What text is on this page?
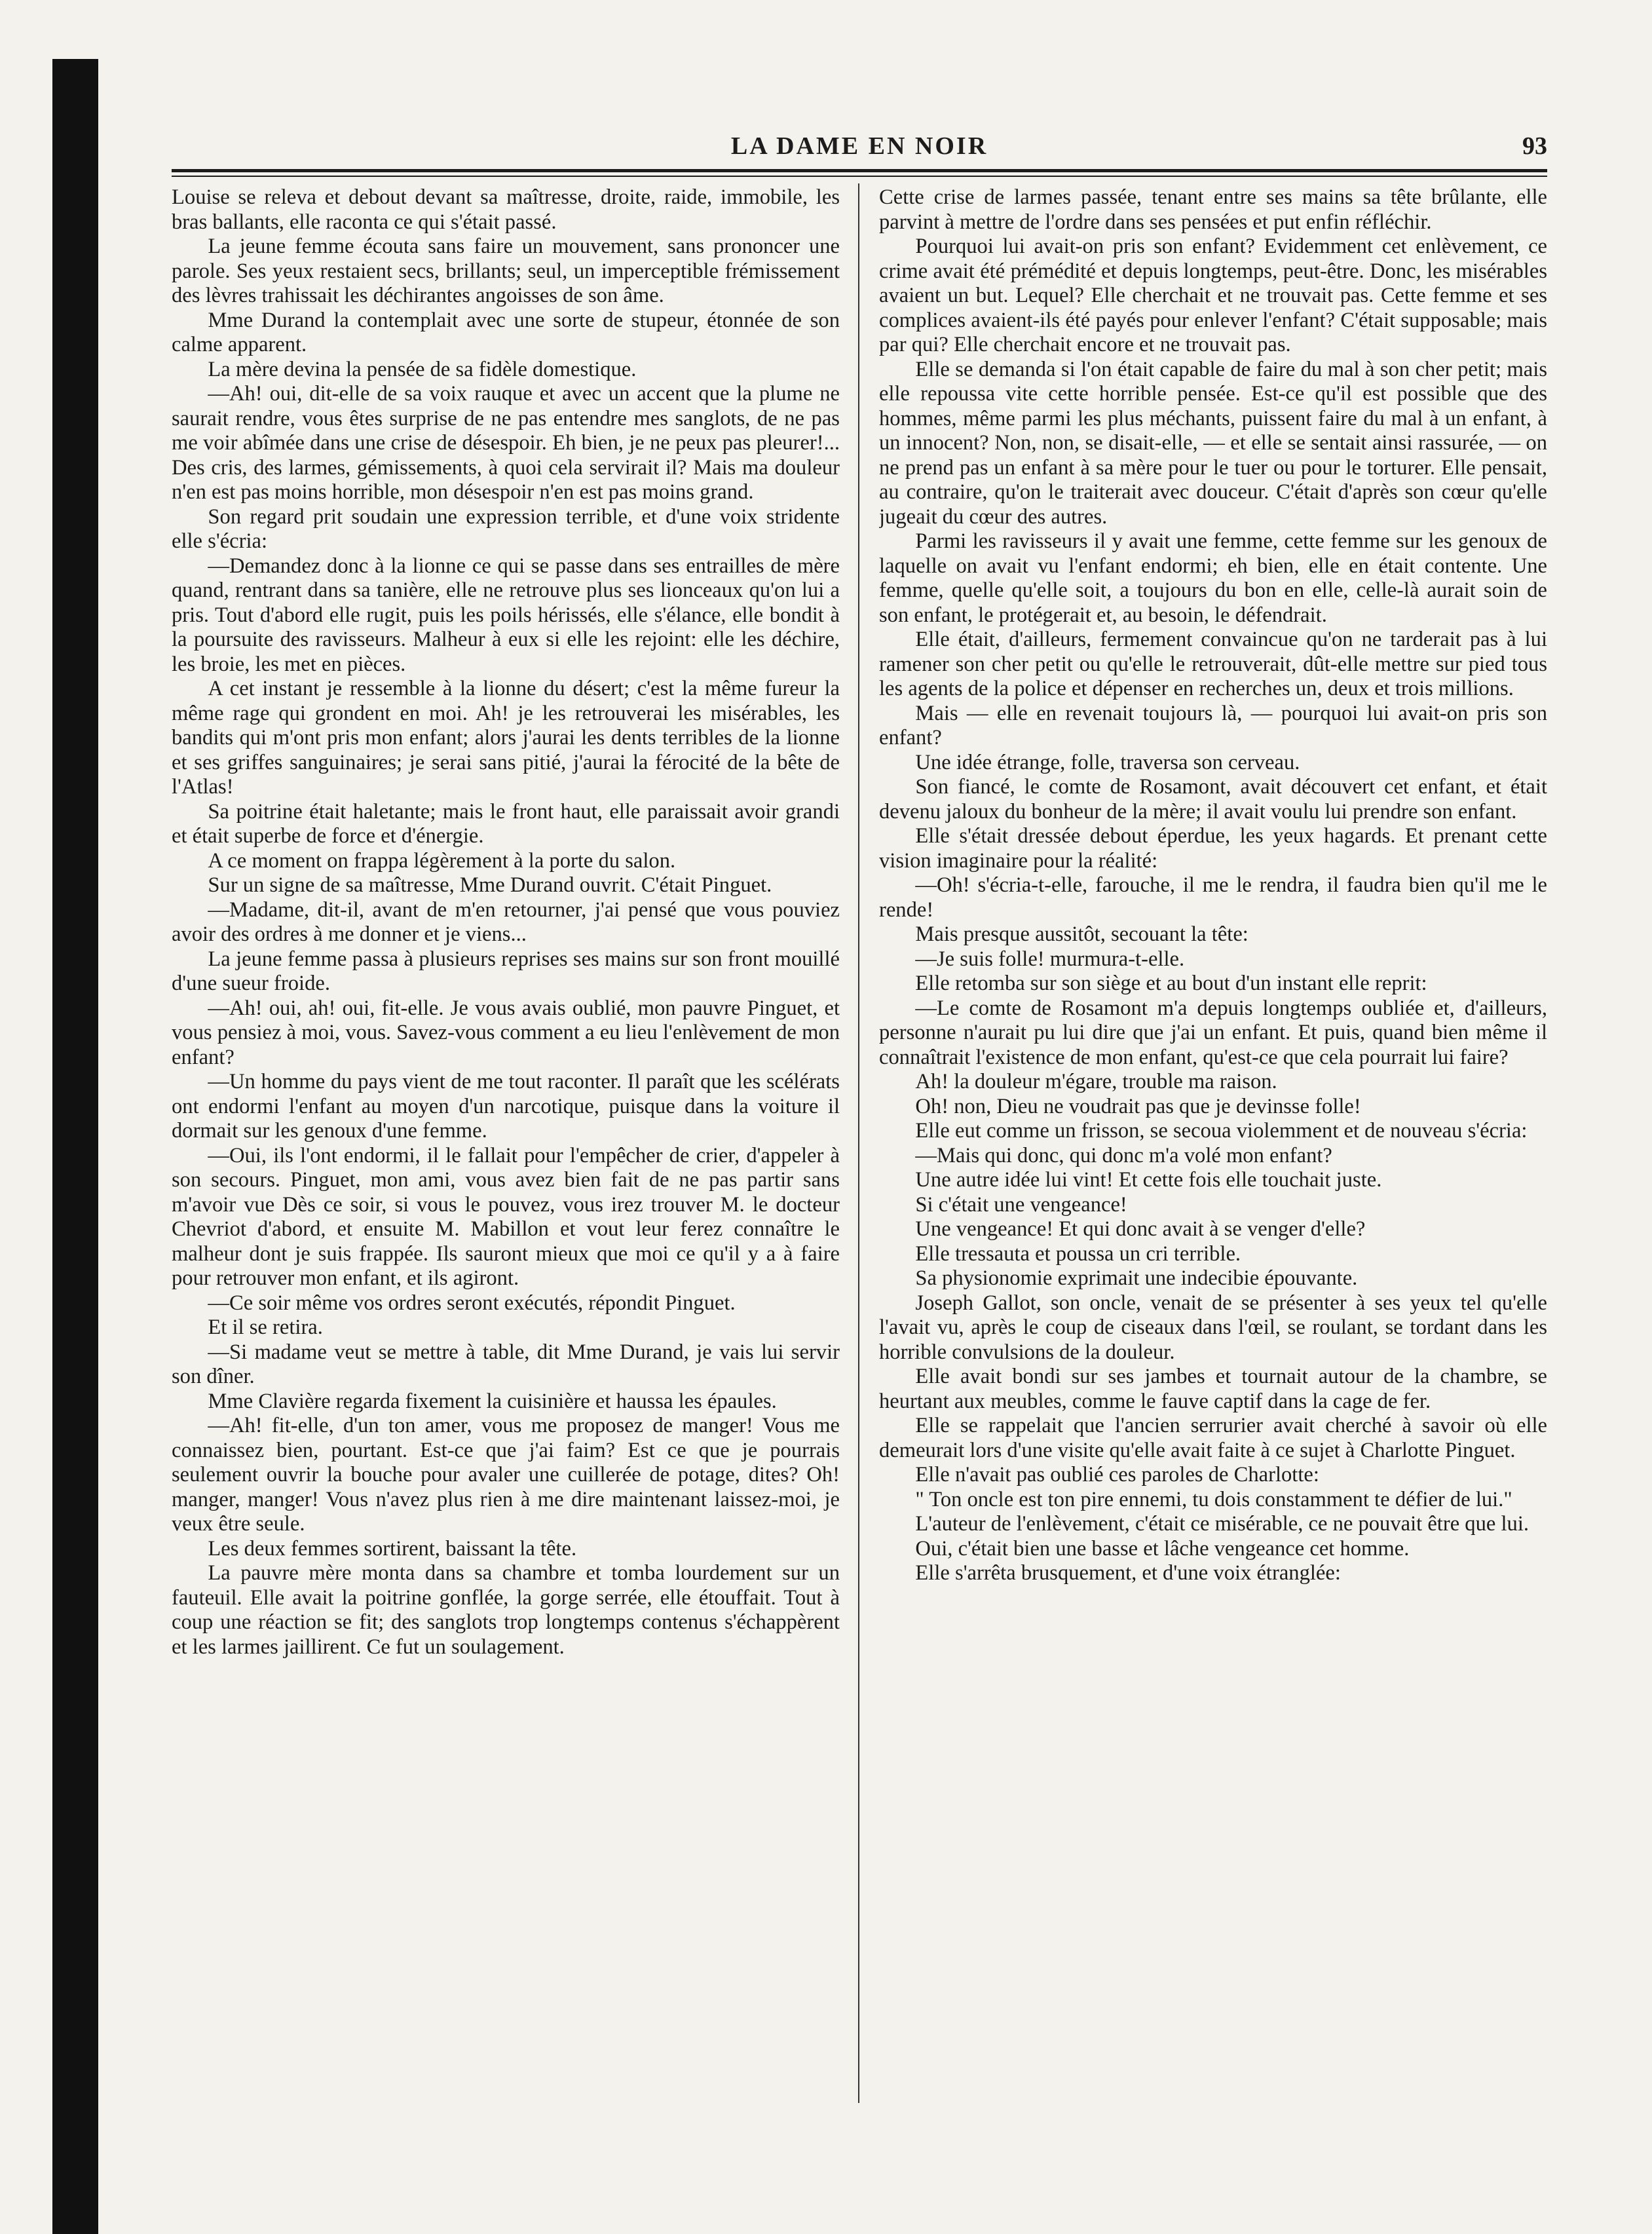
LA DAME EN NOIR	93

Louise se releva et debout devant sa maîtresse, droite, raide, immobile, les bras ballants, elle raconta ce qui s'était passé.

La jeune femme écouta sans faire un mouvement, sans prononcer une parole. Ses yeux restaient secs, brillants; seul, un imperceptible frémissement des lèvres trahissait les déchirantes angoisses de son âme.

Mme Durand la contemplait avec une sorte de stupeur, étonnée de son calme apparent.

La mère devina la pensée de sa fidèle domestique.

—Ah! oui, dit-elle de sa voix rauque et avec un accent que la plume ne saurait rendre, vous êtes surprise de ne pas entendre mes sanglots, de ne pas me voir abîmée dans une crise de désespoir. Eh bien, je ne peux pas pleurer!... Des cris, des larmes, gémissements, à quoi cela servirait il? Mais ma douleur n'en est pas moins horrible, mon désespoir n'en est pas moins grand.

Son regard prit soudain une expression terrible, et d'une voix stridente elle s'écria:

—Demandez donc à la lionne ce qui se passe dans ses entrailles de mère quand, rentrant dans sa tanière, elle ne retrouve plus ses lionceaux qu'on lui a pris. Tout d'abord elle rugit, puis les poils hérissés, elle s'élance, elle bondit à la poursuite des ravisseurs. Malheur à eux si elle les rejoint: elle les déchire, les broie, les met en pièces.

A cet instant je ressemble à la lionne du désert; c'est la même fureur la même rage qui grondent en moi. Ah! je les retrouverai les misérables, les bandits qui m'ont pris mon enfant; alors j'aurai les dents terribles de la lionne et ses griffes sanguinaires; je serai sans pitié, j'aurai la férocité de la bête de l'Atlas!

Sa poitrine était haletante; mais le front haut, elle paraissait avoir grandi et était superbe de force et d'énergie.

A ce moment on frappa légèrement à la porte du salon.

Sur un signe de sa maîtresse, Mme Durand ouvrit. C'était Pinguet.

—Madame, dit-il, avant de m'en retourner, j'ai pensé que vous pouviez avoir des ordres à me donner et je viens...

La jeune femme passa à plusieurs reprises ses mains sur son front mouillé d'une sueur froide.

—Ah! oui, ah! oui, fit-elle. Je vous avais oublié, mon pauvre Pinguet, et vous pensiez à moi, vous. Savez-vous comment a eu lieu l'enlèvement de mon enfant?

—Un homme du pays vient de me tout raconter. Il paraît que les scélérats ont endormi l'enfant au moyen d'un narcotique, puisque dans la voiture il dormait sur les genoux d'une femme.

—Oui, ils l'ont endormi, il le fallait pour l'empêcher de crier, d'appeler à son secours. Pinguet, mon ami, vous avez bien fait de ne pas partir sans m'avoir vue Dès ce soir, si vous le pouvez, vous irez trouver M. le docteur Chevriot d'abord, et ensuite M. Mabillon et vout leur ferez connaître le malheur dont je suis frappée. Ils sauront mieux que moi ce qu'il y a à faire pour retrouver mon enfant, et ils agiront.

—Ce soir même vos ordres seront exécutés, répondit Pinguet.

Et il se retira.

—Si madame veut se mettre à table, dit Mme Durand, je vais lui servir son dîner.

Mme Clavière regarda fixement la cuisinière et haussa les épaules.

—Ah! fit-elle, d'un ton amer, vous me proposez de manger! Vous me connaissez bien, pourtant. Est-ce que j'ai faim? Est ce que je pourrais seulement ouvrir la bouche pour avaler une cuillerée de potage, dites? Oh! manger, manger! Vous n'avez plus rien à me dire maintenant laissez-moi, je veux être seule.

Les deux femmes sortirent, baissant la tête.

La pauvre mère monta dans sa chambre et tomba lourdement sur un fauteuil. Elle avait la poitrine gonflée, la gorge serrée, elle étouffait. Tout à coup une réaction se fit; des sanglots trop longtemps contenus s'échappèrent et les larmes jaillirent. Ce fut un soulagement.

Cette crise de larmes passée, tenant entre ses mains sa tête brûlante, elle parvint à mettre de l'ordre dans ses pensées et put enfin réfléchir.

Pourquoi lui avait-on pris son enfant? Evidemment cet enlèvement, ce crime avait été prémédité et depuis longtemps, peut-être. Donc, les misérables avaient un but. Lequel? Elle cherchait et ne trouvait pas. Cette femme et ses complices avaient-ils été payés pour enlever l'enfant? C'était supposable; mais par qui? Elle cherchait encore et ne trouvait pas.

Elle se demanda si l'on était capable de faire du mal à son cher petit; mais elle repoussa vite cette horrible pensée. Est-ce qu'il est possible que des hommes, même parmi les plus méchants, puissent faire du mal à un enfant, à un innocent? Non, non, se disait-elle, — et elle se sentait ainsi rassurée, — on ne prend pas un enfant à sa mère pour le tuer ou pour le torturer. Elle pensait, au contraire, qu'on le traiterait avec douceur. C'était d'après son cœur qu'elle jugeait du cœur des autres.

Parmi les ravisseurs il y avait une femme, cette femme sur les genoux de laquelle on avait vu l'enfant endormi; eh bien, elle en était contente. Une femme, quelle qu'elle soit, a toujours du bon en elle, celle-là aurait soin de son enfant, le protégerait et, au besoin, le défendrait.

Elle était, d'ailleurs, fermement convaincue qu'on ne tarderait pas à lui ramener son cher petit ou qu'elle le retrouverait, dût-elle mettre sur pied tous les agents de la police et dépenser en recherches un, deux et trois millions.

Mais — elle en revenait toujours là, — pourquoi lui avait-on pris son enfant?

Une idée étrange, folle, traversa son cerveau.

Son fiancé, le comte de Rosamont, avait découvert cet enfant, et était devenu jaloux du bonheur de la mère; il avait voulu lui prendre son enfant.

Elle s'était dressée debout éperdue, les yeux hagards. Et prenant cette vision imaginaire pour la réalité:

—Oh! s'écria-t-elle, farouche, il me le rendra, il faudra bien qu'il me le rende!

Mais presque aussitôt, secouant la tête:

—Je suis folle! murmura-t-elle.

Elle retomba sur son siège et au bout d'un instant elle reprit:

—Le comte de Rosamont m'a depuis longtemps oubliée et, d'ailleurs, personne n'aurait pu lui dire que j'ai un enfant. Et puis, quand bien même il connaîtrait l'existence de mon enfant, qu'est-ce que cela pourrait lui faire?

Ah! la douleur m'égare, trouble ma raison.

Oh! non, Dieu ne voudrait pas que je devinsse folle!

Elle eut comme un frisson, se secoua violemment et de nouveau s'écria:

—Mais qui donc, qui donc m'a volé mon enfant?

Une autre idée lui vint! Et cette fois elle touchait juste.

Si c'était une vengeance!

Une vengeance! Et qui donc avait à se venger d'elle?

Elle tressauta et poussa un cri terrible.

Sa physionomie exprimait une indecibie épouvante.

Joseph Gallot, son oncle, venait de se présenter à ses yeux tel qu'elle l'avait vu, après le coup de ciseaux dans l'œil, se roulant, se tordant dans les horrible convulsions de la douleur.

Elle avait bondi sur ses jambes et tournait autour de la chambre, se heurtant aux meubles, comme le fauve captif dans la cage de fer.

Elle se rappelait que l'ancien serrurier avait cherché à savoir où elle demeurait lors d'une visite qu'elle avait faite à ce sujet à Charlotte Pinguet.

Elle n'avait pas oublié ces paroles de Charlotte:

" Ton oncle est ton pire ennemi, tu dois constamment te défier de lui."

L'auteur de l'enlèvement, c'était ce misérable, ce ne pouvait être que lui.

Oui, c'était bien une basse et lâche vengeance cet homme.

Elle s'arrêta brusquement, et d'une voix étranglée:
